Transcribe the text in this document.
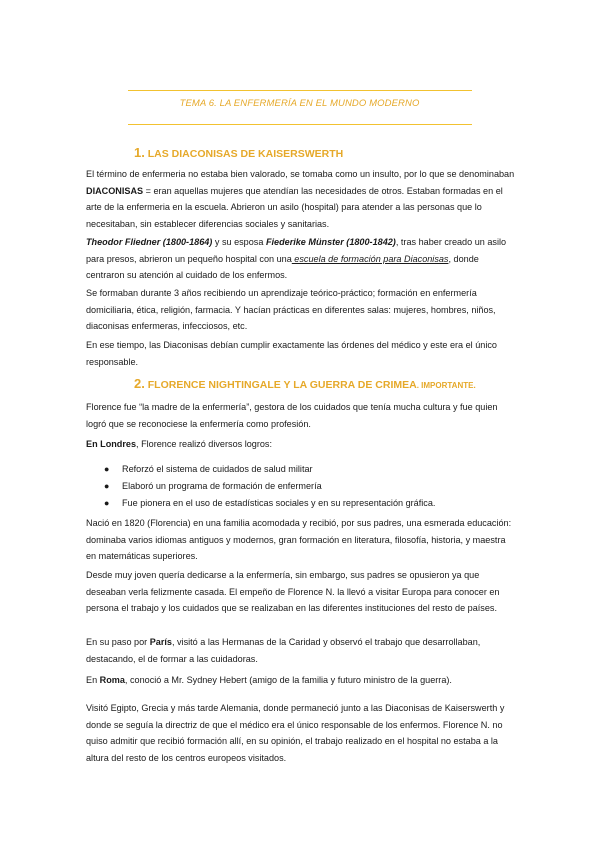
TEMA 6. LA ENFERMERÍA EN EL MUNDO MODERNO
1. LAS DIACONISAS DE KAISERSWERTH
El término de enfermeria no estaba bien valorado, se tomaba como un insulto, por lo que se denominaban DIACONISAS = eran aquellas mujeres que atendían las necesidades de otros. Estaban formadas en el arte de la enfermeria en la escuela. Abrieron un asilo (hospital) para atender a las personas que lo necesitaban, sin establecer diferencias sociales y sanitarias.
Theodor Fliedner (1800-1864) y su esposa Fiederike Münster (1800-1842), tras haber creado un asilo para presos, abrieron un pequeño hospital con una escuela de formación para Diaconisas, donde centraron su atención al cuidado de los enfermos.
Se formaban durante 3 años recibiendo un aprendizaje teórico-práctico; formación en enfermería domiciliaria, ética, religión, farmacia. Y hacían prácticas en diferentes salas: mujeres, hombres, niños, diaconisas enfermeras, infecciosos, etc.
En ese tiempo, las Diaconisas debían cumplir exactamente las órdenes del médico y este era el único responsable.
2. FLORENCE NIGHTINGALE Y LA GUERRA DE CRIMEA. IMPORTANTE.
Florence fue “la madre de la enfermería”, gestora de los cuidados que tenía mucha cultura y fue quien logró que se reconociese la enfermería como profesión.
En Londres, Florence realizó diversos logros:
● Reforzó el sistema de cuidados de salud militar
● Elaboró un programa de formación de enfermería
● Fue pionera en el uso de estadísticas sociales y en su representación gráfica.
Nació en 1820 (Florencia) en una familia acomodada y recibió, por sus padres, una esmerada educación: dominaba varios idiomas antiguos y modernos, gran formación en literatura, filosofía, historia, y maestra en matemáticas superiores.
Desde muy joven quería dedicarse a la enfermería, sin embargo, sus padres se opusieron ya que deseaban verla felizmente casada. El empeño de Florence N. la llevó a visitar Europa para conocer en persona el trabajo y los cuidados que se realizaban en las diferentes instituciones del resto de países.
En su paso por París, visitó a las Hermanas de la Caridad y observó el trabajo que desarrollaban, destacando, el de formar a las cuidadoras.
En Roma, conoció a Mr. Sydney Hebert (amigo de la familia y futuro ministro de la guerra).
Visitó Egipto, Grecia y más tarde Alemania, donde permaneció junto a las Diaconisas de Kaiserswerth y donde se seguía la directriz de que el médico era el único responsable de los enfermos. Florence N. no quiso admitir que recibió formación allí, en su opinión, el trabajo realizado en el hospital no estaba a la altura del resto de los centros europeos visitados.
